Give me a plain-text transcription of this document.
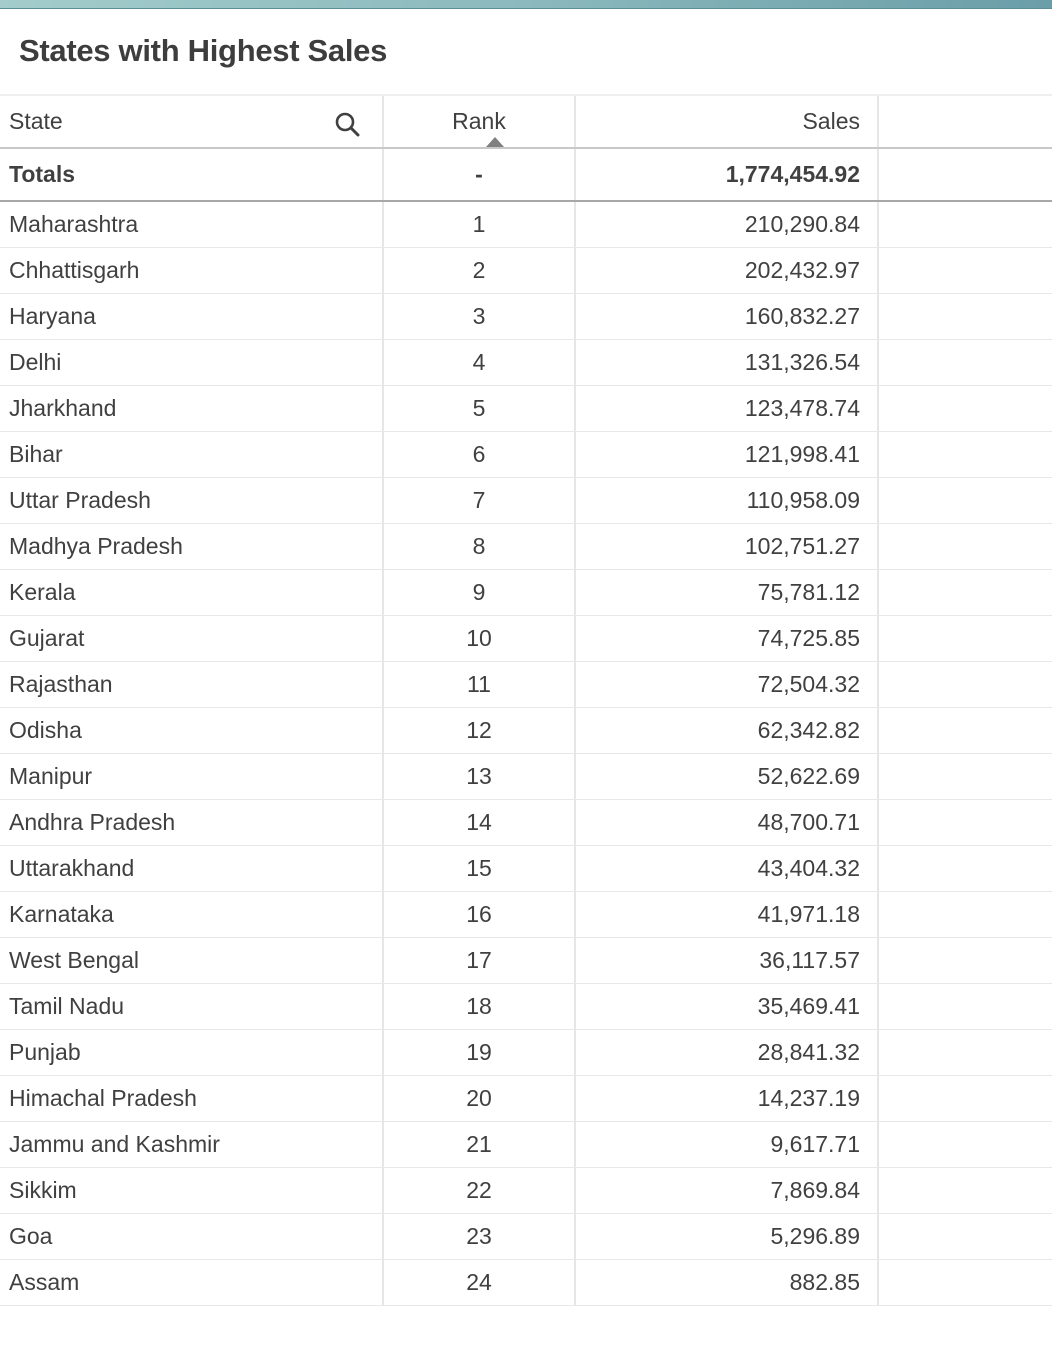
States with Highest Sales
State	Rank	Sales
Totals	-	1,774,454.92
Maharashtra	1	210,290.84
Chhattisgarh	2	202,432.97
Haryana	3	160,832.27
Delhi	4	131,326.54
Jharkhand	5	123,478.74
Bihar	6	121,998.41
Uttar Pradesh	7	110,958.09
Madhya Pradesh	8	102,751.27
Kerala	9	75,781.12
Gujarat	10	74,725.85
Rajasthan	11	72,504.32
Odisha	12	62,342.82
Manipur	13	52,622.69
Andhra Pradesh	14	48,700.71
Uttarakhand	15	43,404.32
Karnataka	16	41,971.18
West Bengal	17	36,117.57
Tamil Nadu	18	35,469.41
Punjab	19	28,841.32
Himachal Pradesh	20	14,237.19
Jammu and Kashmir	21	9,617.71
Sikkim	22	7,869.84
Goa	23	5,296.89
Assam	24	882.85
